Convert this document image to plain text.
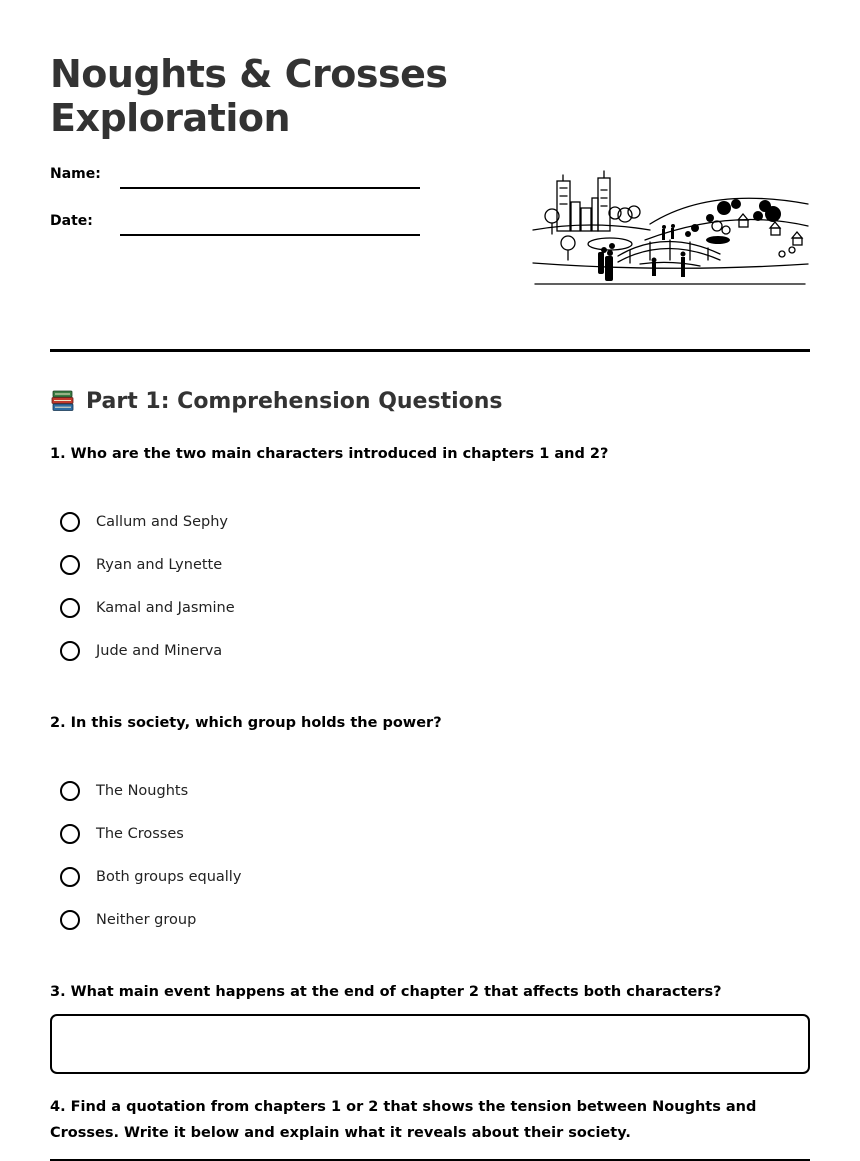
Noughts & Crosses
Exploration
Name:
Date:
Part 1: Comprehension Questions
1. Who are the two main characters introduced in chapters 1 and 2?
Callum and Sephy
Ryan and Lynette
Kamal and Jasmine
Jude and Minerva
2. In this society, which group holds the power?
The Noughts
The Crosses
Both groups equally
Neither group
3. What main event happens at the end of chapter 2 that affects both characters?
4. Find a quotation from chapters 1 or 2 that shows the tension between Noughts and Crosses. Write it below and explain what it reveals about their society.
